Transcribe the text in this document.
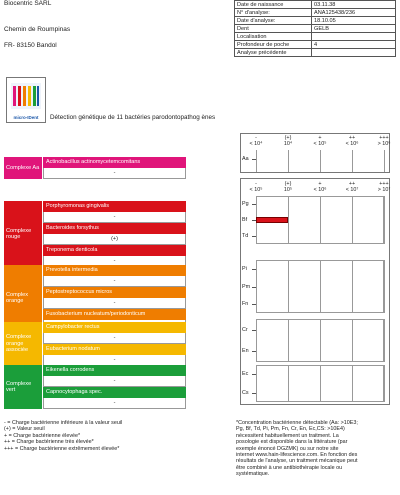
Biocentric SARL
Chemin de Roumpinas
FR- 83150 Bandol
Date de naissance	03.11.38
N° d'analyse:	ANA125438/236
Date d'analyse:	18.10.05
Dent	GELB
Localisation	
Profondeur de poche	4
Analyse précédente	
micro-IDent	Détection génétique de 11 bactéries parodontopathog ènes
Complexe Aa
Actinobacillus actinomycetemcomitans
-
Complexe rouge
Porphyromonas gingivalis
-
Bacteroides forsythus
(+)
Treponema denticola
-
Complex orange
Prevotella intermedia
-
Peptostreptococcus micros
-
Fusobacterium nucleatum/periodonticum
Complexe orange associée
Campylobacter rectus
-
Eubacterium nodatum
-
Complexe vert
Eikenella corrodens
-
Capnocytophaga spec.
-
-
< 10⁴
(+)
10⁴
+
< 10⁵
++
< 10⁶
+++
> 10⁶
Aa
-
< 10⁵
(+)
10⁵
+
< 10⁶
++
< 10⁷
+++
> 10⁷
Pg
Bf
Td
Pi
Pm
Fn
Cr
En
Ec
Cs
- = Charge bactérienne inférieure à la valeur seuil
(+) = Valeur seuil
+ = Charge bactérienne élevée*
++ = Charge bactérienne très élevée*
+++ = Charge bactérienne extrêmement élevée*
*Concentration bactérienne détectable (Aa: >10E3;
Pg, Bf, Td, Pi, Pm, Fn, Cr, En, Ec,CS: >10E4)
nécessitent habituellement un traitment. La
posologie est disponible dans la littérature (par
exemple énoncé DGZMK) ou sur notre site
internet www.hain-lifescience.com. En fonction des
résultats de l'analyse, un traitment mécanique peut
être combiné à une antibiothérapie locale ou
systématique.
